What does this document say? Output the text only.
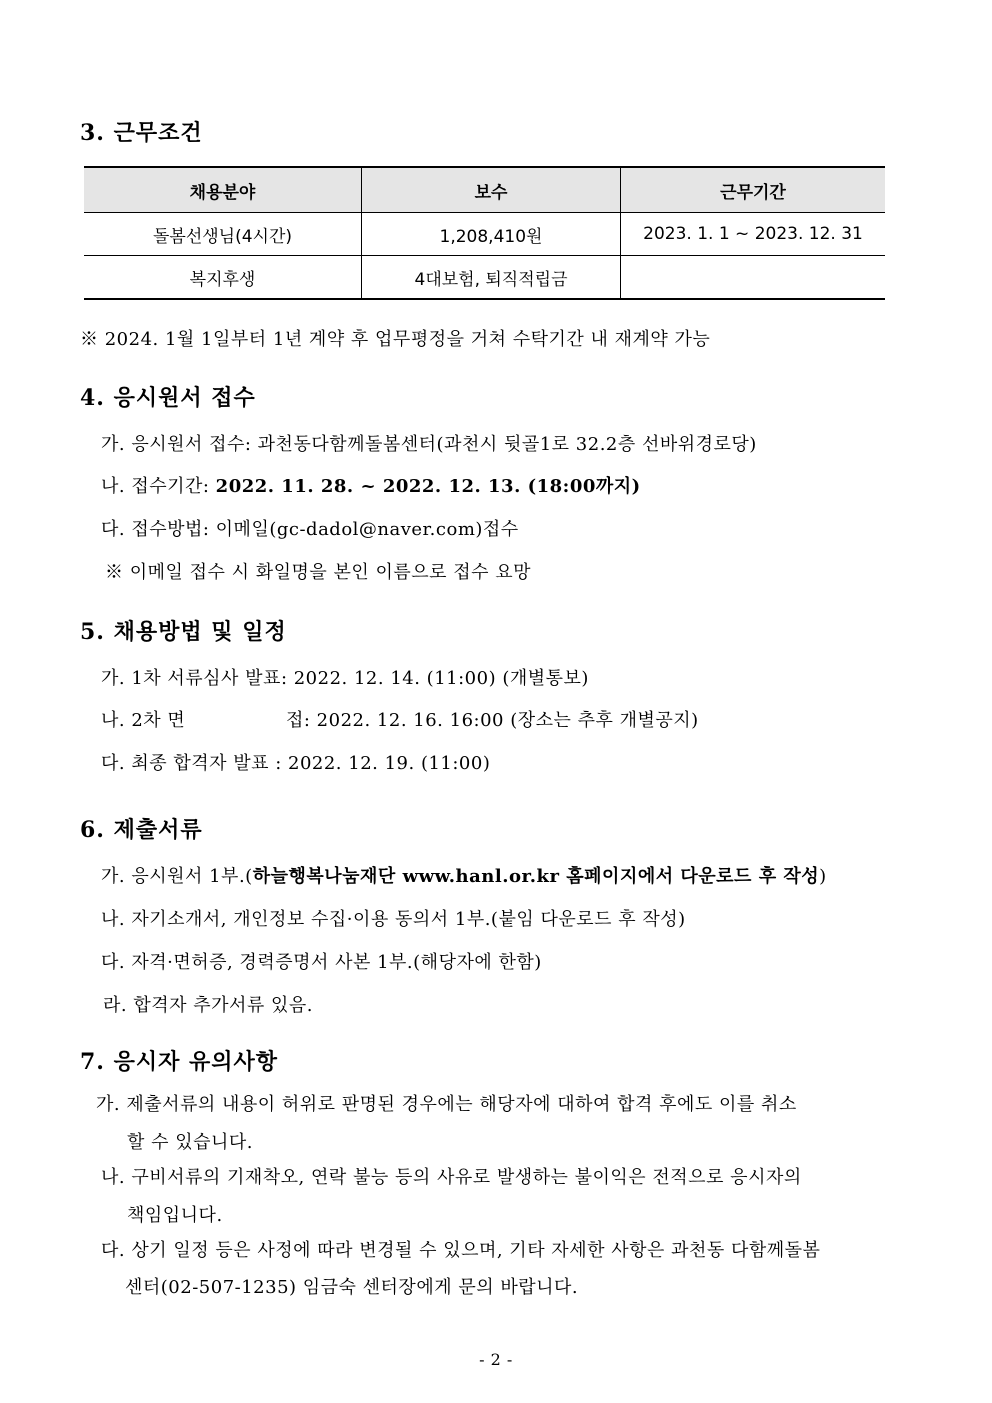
3. 근무조건
채용분야	보수	근무기간
돌봄선생님(4시간)	1,208,410원	2023. 1. 1 ~ 2023. 12. 31
복지후생	4대보험, 퇴직적립금	
※ 2024. 1월 1일부터 1년 계약 후 업무평정을 거쳐 수탁기간 내 재계약 가능
4. 응시원서 접수
가. 응시원서 접수: 과천동다함께돌봄센터(과천시 뒷골1로 32.2층 선바위경로당)
나. 접수기간: 2022. 11. 28. ~ 2022. 12. 13. (18:00까지)
다. 접수방법: 이메일(gc-dadol@naver.com)접수
※ 이메일 접수 시 화일명을 본인 이름으로 접수 요망
5. 채용방법 및 일정
가. 1차 서류심사 발표: 2022. 12. 14. (11:00) (개별통보)
나. 2차 면	접: 2022. 12. 16. 16:00 (장소는 추후 개별공지)
다. 최종 합격자 발표 : 2022. 12. 19. (11:00)
6. 제출서류
가. 응시원서 1부.(하늘행복나눔재단 www.hanl.or.kr 홈페이지에서 다운로드 후 작성)
나. 자기소개서, 개인정보 수집·이용 동의서 1부.(붙임 다운로드 후 작성)
다. 자격·면허증, 경력증명서 사본 1부.(해당자에 한함)
라. 합격자 추가서류 있음.
7. 응시자 유의사항
가. 제출서류의 내용이 허위로 판명된 경우에는 해당자에 대하여 합격 후에도 이를 취소
할 수 있습니다.
나. 구비서류의 기재착오, 연락 불능 등의 사유로 발생하는 불이익은 전적으로 응시자의
책임입니다.
다. 상기 일정 등은 사정에 따라 변경될 수 있으며, 기타 자세한 사항은 과천동 다함께돌봄
센터(02-507-1235) 임금숙 센터장에게 문의 바랍니다.
- 2 -
